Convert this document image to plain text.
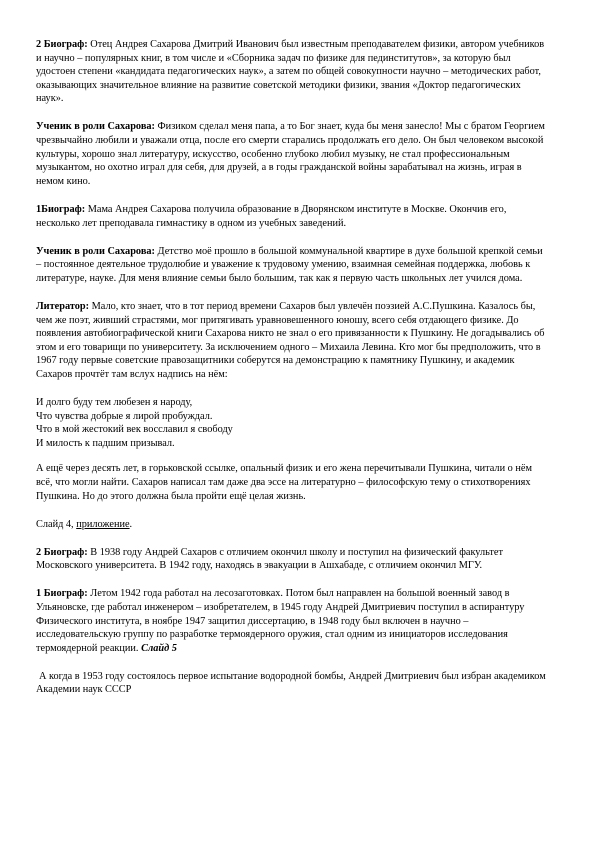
2 Биограф: Отец Андрея Сахарова Дмитрий Иванович был известным преподавателем физики, автором учебников и научно – популярных книг, в том числе и «Сборника задач по физике для пединститутов», за которую был удостоен степени «кандидата педагогических наук», а затем по общей совокупности научно – методических работ, оказывающих значительное влияние на развитие советской методики физики, звания «Доктор педагогических наук».

Ученик в роли Сахарова: Физиком сделал меня папа, а то Бог знает, куда бы меня занесло! Мы с братом Георгием чрезвычайно любили и уважали отца, после его смерти старались продолжать его дело. Он был человеком высокой культуры, хорошо знал литературу, искусство, особенно глубоко любил музыку, не стал профессиональным музыкантом, но охотно играл для себя, для друзей, а в годы гражданской войны зарабатывал на жизнь, играя в немом кино.

1Биограф: Мама Андрея Сахарова получила образование в Дворянском институте в Москве. Окончив его, несколько лет преподавала гимнастику в одном из учебных заведений.

Ученик в роли Сахарова: Детство моё прошло в большой коммунальной квартире в духе большой крепкой семьи – постоянное деятельное трудолюбие и уважение к трудовому умению, взаимная семейная поддержка, любовь к литературе, науке. Для меня влияние семьи было большим, так как я первую часть школьных лет учился дома.

Литератор: Мало, кто знает, что в тот период времени Сахаров был увлечён поэзией А.С.Пушкина. Казалось бы, чем же поэт, живший страстями, мог притягивать уравновешенного юношу, всего себя отдающего физике. До появления автобиографической книги Сахарова никто не знал о его привязанности к Пушкину. Не догадывались об этом и его товарищи по университету. За исключением одного – Михаила Левина. Кто мог бы предположить, что в 1967 году первые советские правозащитники соберутся на демонстрацию к памятнику Пушкину, и академик Сахаров прочтёт там вслух надпись на нём:

И долго буду тем любезен я народу,
Что чувства добрые я лирой пробуждал.
Что в мой жестокий век восславил я свободу
И милость к падшим призывал.

А ещё через десять лет, в горьковской ссылке, опальный физик и его жена перечитывали Пушкина, читали о нём всё, что могли найти. Сахаров написал там даже два эссе на литературно – философскую тему о стихотворениях Пушкина. Но до этого должна была пройти ещё целая жизнь.

Слайд 4, приложение.

2 Биограф: В 1938 году Андрей Сахаров с отличием окончил школу и поступил на физический факультет Московского университета. В 1942 году, находясь в эвакуации в Ашхабаде, с отличием окончил МГУ.

1 Биограф: Летом 1942 года работал на лесозаготовках. Потом был направлен на большой военный завод в Ульяновске, где работал инженером – изобретателем, в 1945 году Андрей Дмитриевич поступил в аспирантуру Физического института, в ноябре 1947 защитил диссертацию, в 1948 году был включен в научно – исследовательскую группу по разработке термоядерного оружия, стал одним из инициаторов исследования термоядерной реакции. Слайд 5

А когда в 1953 году состоялось первое испытание водородной бомбы, Андрей Дмитриевич был избран академиком Академии наук СССР
